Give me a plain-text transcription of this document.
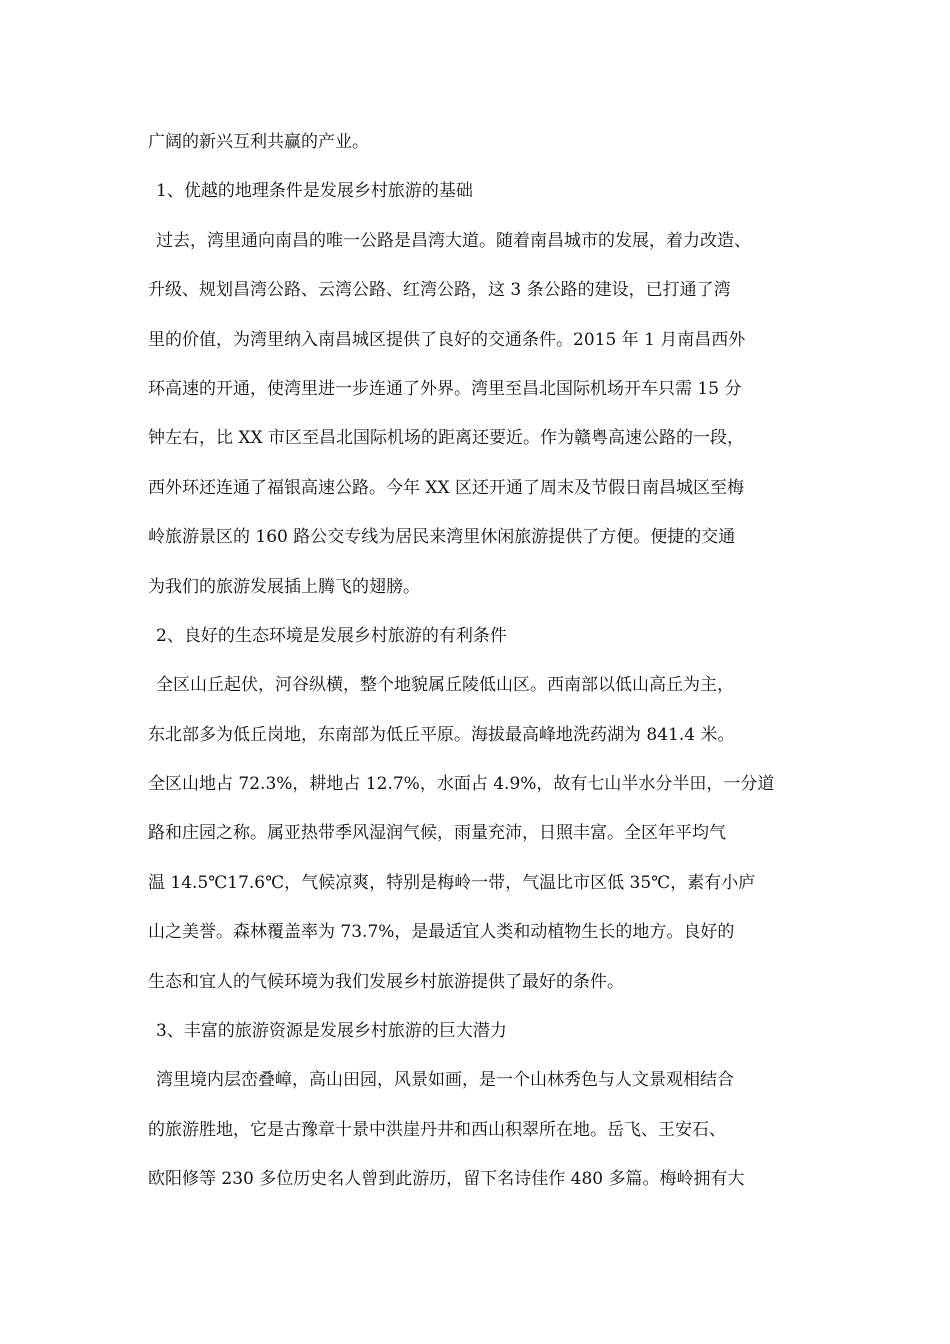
广阔的新兴互利共赢的产业。
1、优越的地理条件是发展乡村旅游的基础
过去，湾里通向南昌的唯一公路是昌湾大道。随着南昌城市的发展，着力改造、
升级、规划昌湾公路、云湾公路、红湾公路，这 3 条公路的建设，已打通了湾
里的价值，为湾里纳入南昌城区提供了良好的交通条件。2015 年 1 月南昌西外
环高速的开通，使湾里进一步连通了外界。湾里至昌北国际机场开车只需 15 分
钟左右，比 XX 市区至昌北国际机场的距离还要近。作为赣粤高速公路的一段，
西外环还连通了福银高速公路。今年 XX 区还开通了周末及节假日南昌城区至梅
岭旅游景区的 160 路公交专线为居民来湾里休闲旅游提供了方便。便捷的交通
为我们的旅游发展插上腾飞的翅膀。
2、良好的生态环境是发展乡村旅游的有利条件
全区山丘起伏，河谷纵横，整个地貌属丘陵低山区。西南部以低山高丘为主，
东北部多为低丘岗地，东南部为低丘平原。海拔最高峰地洗药湖为 841.4 米。
全区山地占 72.3%，耕地占 12.7%，水面占 4.9%，故有七山半水分半田，一分道
路和庄园之称。属亚热带季风湿润气候，雨量充沛，日照丰富。全区年平均气
温 14.5℃17.6℃，气候凉爽，特别是梅岭一带，气温比市区低 35℃，素有小庐
山之美誉。森林覆盖率为 73.7%，是最适宜人类和动植物生长的地方。良好的
生态和宜人的气候环境为我们发展乡村旅游提供了最好的条件。
3、丰富的旅游资源是发展乡村旅游的巨大潜力
湾里境内层峦叠嶂，高山田园，风景如画，是一个山林秀色与人文景观相结合
的旅游胜地，它是古豫章十景中洪崖丹井和西山积翠所在地。岳飞、王安石、
欧阳修等 230 多位历史名人曾到此游历，留下名诗佳作 480 多篇。梅岭拥有大
